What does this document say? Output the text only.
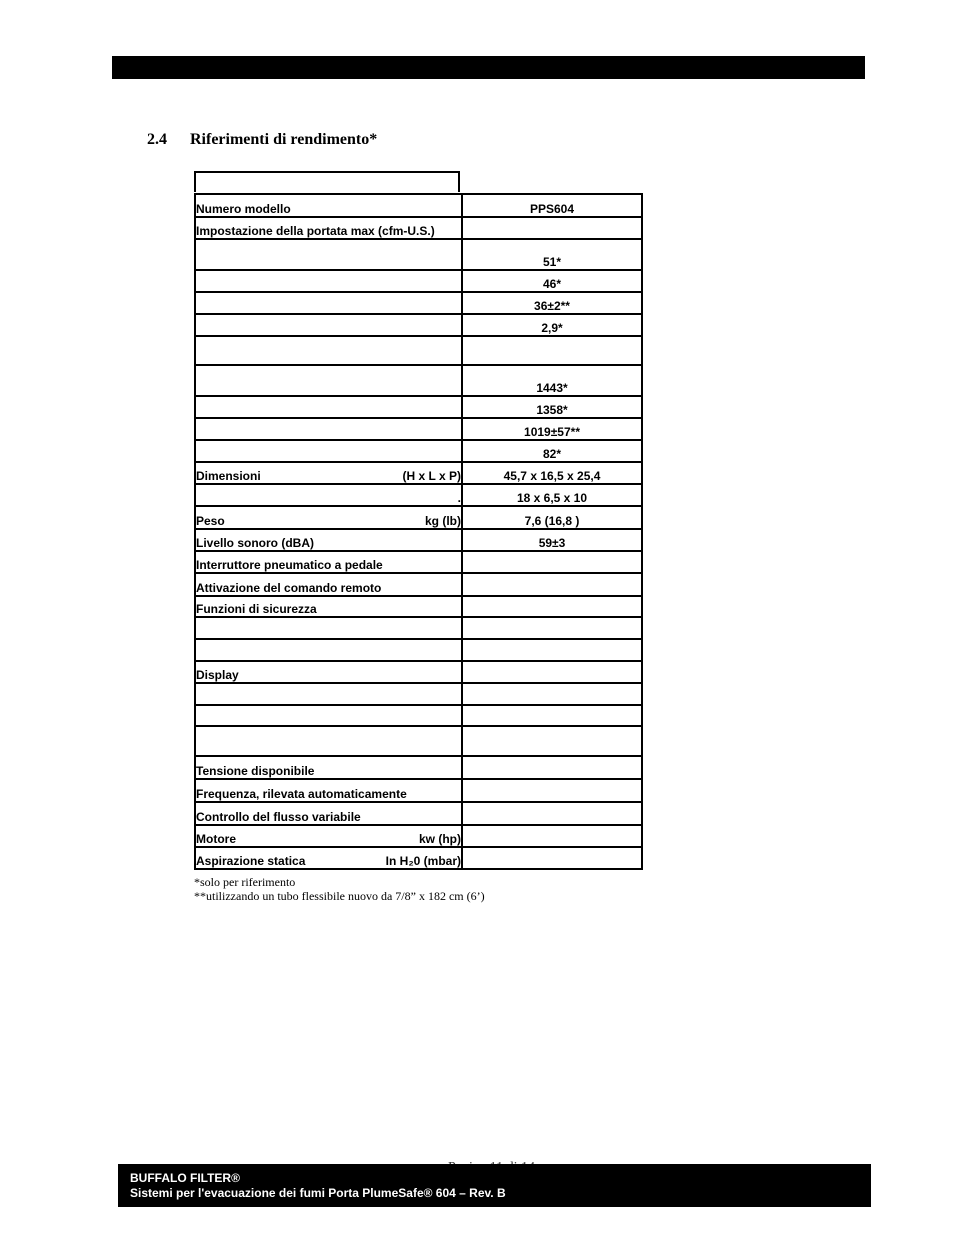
2.4 Riferimenti di rendimento*
Numero modello	PPS604

Impostazione della portata max (cfm-U.S.)	

	51*

	46*

	36±2**

	2,9*

	1443*

	1358*

	1019±57**

	82*

Dimensioni (H x L x P)	45,7 x 16,5 x 25,4

.	18 x 6,5 x 10

Peso kg (lb)	7,6 (16,8 )

Livello sonoro (dBA)	59±3

Interruttore pneumatico a pedale	

Attivazione del comando remoto	

Funzioni di sicurezza	

Display	

Tensione disponibile	

Frequenza, rilevata automaticamente	

Controllo del flusso variabile	

Motore kw (hp)	

Aspirazione statica In H₂0 (mbar)	

*solo per riferimento
**utilizzando un tubo flessibile nuovo da 7/8” x 182 cm (6’)
BUFFALO FILTER®
Sistemi per l'evacuazione dei fumi Porta PlumeSafe® 604 – Rev. B
